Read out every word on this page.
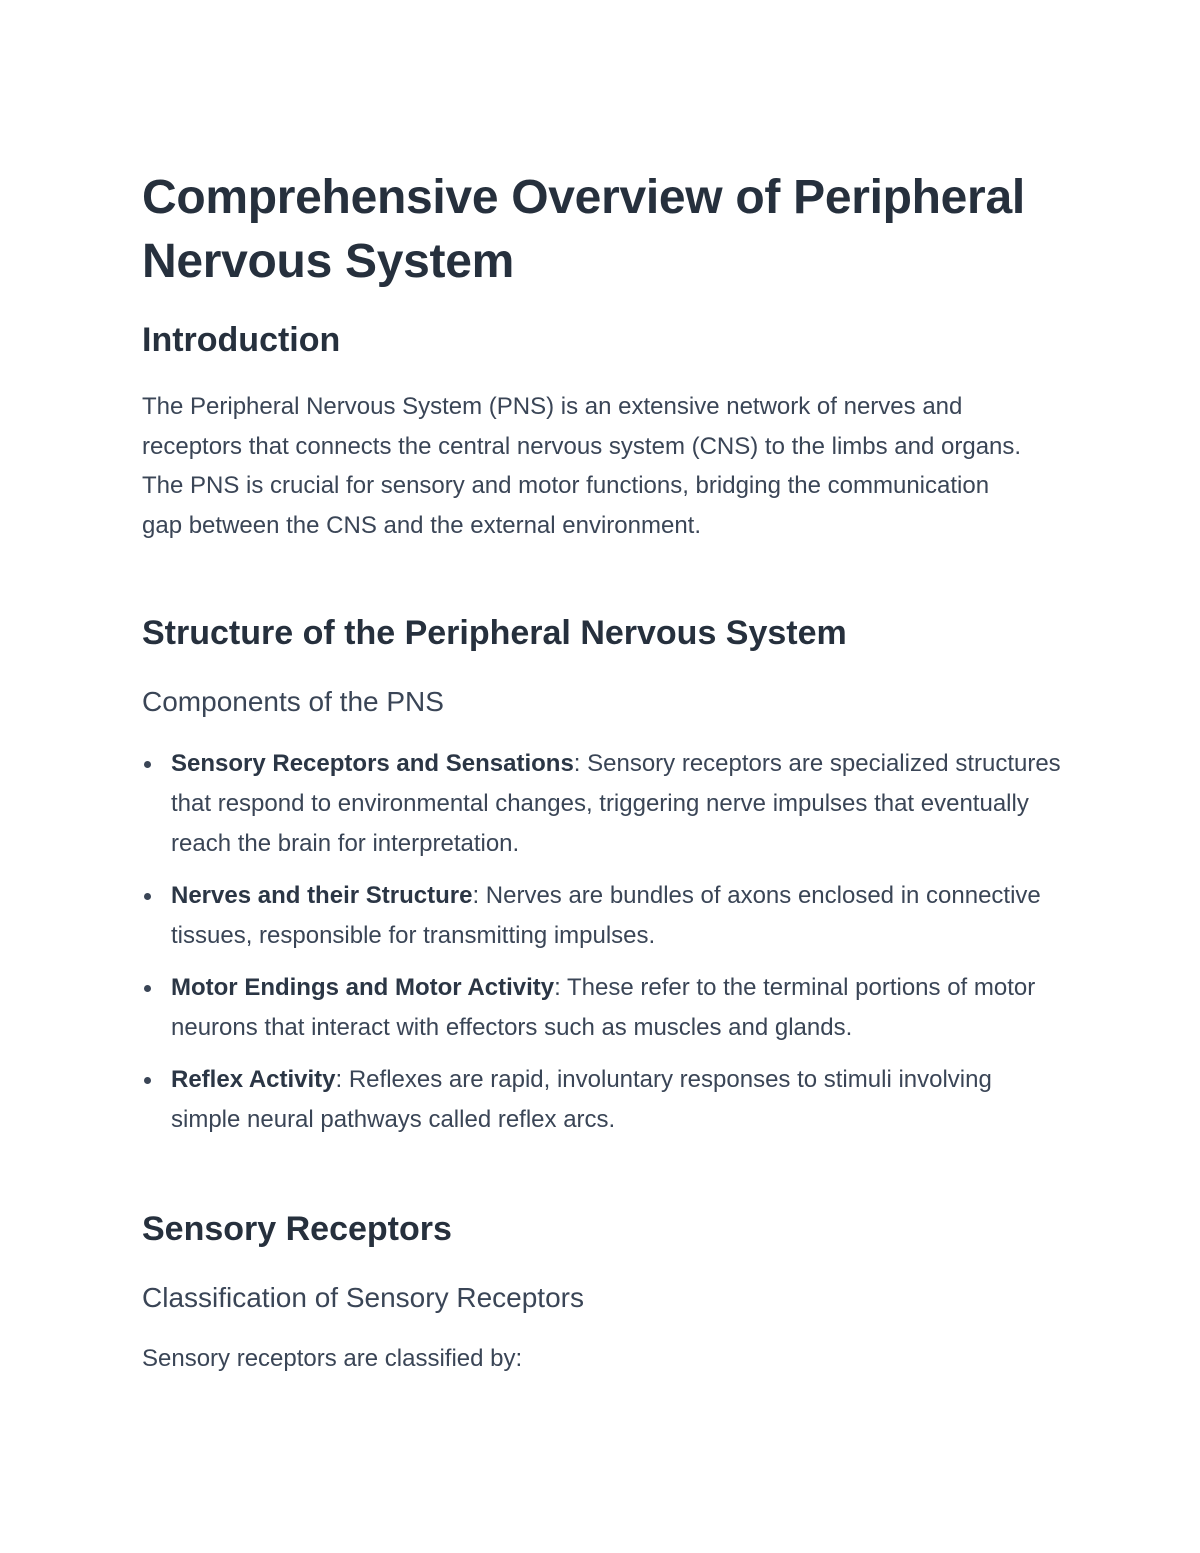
Comprehensive Overview of Peripheral Nervous System
Introduction

The Peripheral Nervous System (PNS) is an extensive network of nerves and receptors that connects the central nervous system (CNS) to the limbs and organs. The PNS is crucial for sensory and motor functions, bridging the communication gap between the CNS and the external environment.

Structure of the Peripheral Nervous System
Components of the PNS
Sensory Receptors and Sensations: Sensory receptors are specialized structures that respond to environmental changes, triggering nerve impulses that eventually reach the brain for interpretation.
Nerves and their Structure: Nerves are bundles of axons enclosed in connective tissues, responsible for transmitting impulses.
Motor Endings and Motor Activity: These refer to the terminal portions of motor neurons that interact with effectors such as muscles and glands.
Reflex Activity: Reflexes are rapid, involuntary responses to stimuli involving simple neural pathways called reflex arcs.
Sensory Receptors
Classification of Sensory Receptors

Sensory receptors are classified by:
